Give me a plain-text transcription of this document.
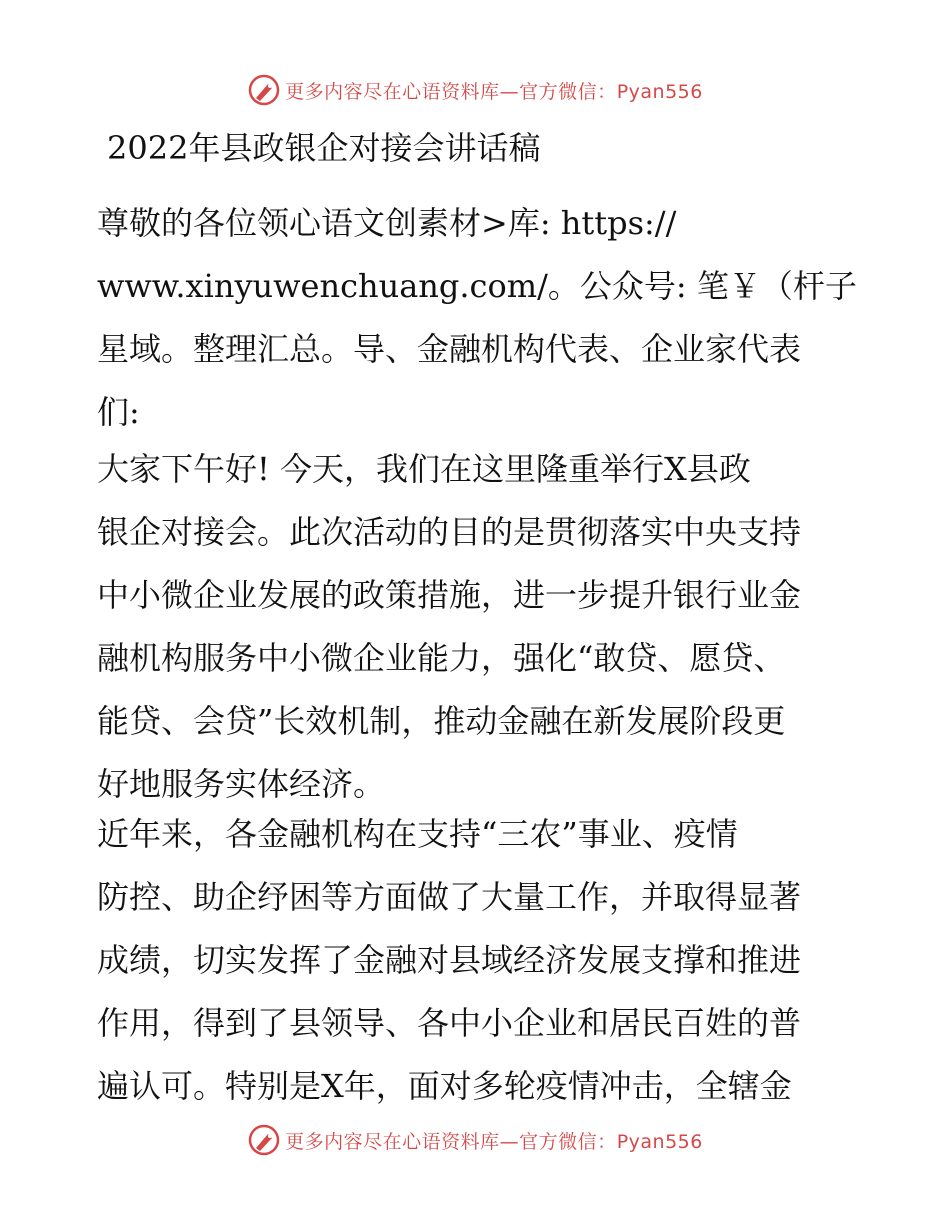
更多内容尽在心语资料库—官方微信：Pyan556
2022年县政银企对接会讲话稿

尊敬的各位领心语文创素材>库: https://
www.xinyuwenchuang.com/。公众号: 笔￥（杆子
星域。整理汇总。导、金融机构代表、企业家代表
们:

大家下午好! 今天，我们在这里隆重举行X县政
银企对接会。此次活动的目的是贯彻落实中央支持
中小微企业发展的政策措施，进一步提升银行业金
融机构服务中小微企业能力，强化“敢贷、愿贷、
能贷、会贷”长效机制，推动金融在新发展阶段更
好地服务实体经济。

近年来，各金融机构在支持“三农”事业、疫情
防控、助企纾困等方面做了大量工作，并取得显著
成绩，切实发挥了金融对县域经济发展支撑和推进
作用，得到了县领导、各中小企业和居民百姓的普
遍认可。特别是X年，面对多轮疫情冲击，全辖金

更多内容尽在心语资料库—官方微信：Pyan556
